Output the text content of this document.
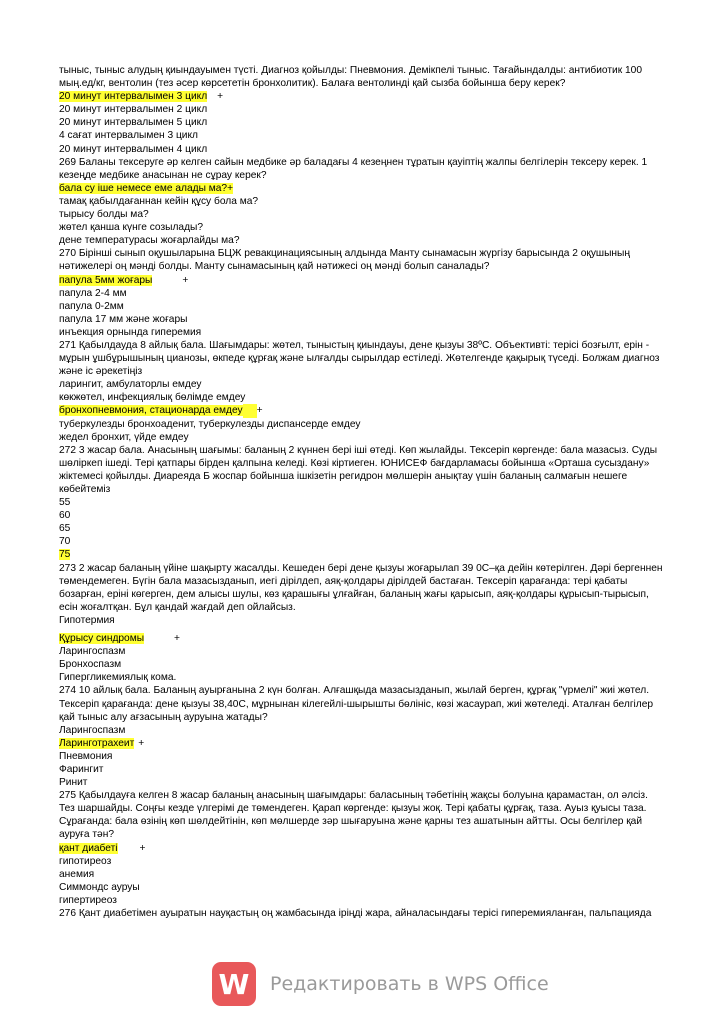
тыныс, тыныс алудың қиындауымен түсті. Диагноз қойылды: Пневмония. Демікпелі тыныс. Тағайындалды: антибиотик 100 мың.ед/кг, вентолин (тез әсер көрсететін бронхолитик). Балаға вентолинді қай сызба бойынша беру керек?

20 минут интервалымен 3 цикл +
20 минут интервалымен 2 цикл
20 минут интервалымен 5 цикл
4 сағат интервалымен 3 цикл
20 минут интервалымен 4 цикл

269 Баланы тексеруге әр келген сайын медбике әр баладағы 4 кезеңнен тұратын қауіптің жалпы белгілерін тексеру керек. 1 кезеңде медбике анасынан не сұрау керек?

бала су ішe немесе еме алады ма?+
тамақ қабылдағаннан кейін құсу бола ма?
тырысу болды ма?
жөтел қанша күнге созылады?
дене температурасы жоғарлайды ма?

270 Бірінші сынып оқушыларына БЦЖ ревакцинациясының алдында Манту сынамасын жүргізу барысында 2 оқушының нәтижелері оң мәнді болды. Манту сынамасының қай нәтижесі оң мәнді болып саналады?

папула 5мм жоғары	+
папула 2-4 мм
папула 0-2мм
папула 17 мм және жоғары
инъекция орнында гиперемия

271 Қабылдауда 8 айлық бала. Шағымдары: жөтел, тыныстың қиындауы, дене қызуы 38ºС. Объективті: терісі бозғылт, ерін - мұрын ұшбұрышының цианозы, өкпеде құрғақ және ылғалды сырылдар естіледі. Жөтелгенде қақырық түседі. Болжам диагноз және іс әрекетіңіз

ларингит, амбулаторлы емдеу
көкжөтел, инфекциялық бөлімде емдеу
бронхопневмония, стационарда емдеу +
туберкулезды бронхоаденит, туберкулезды диспансерде емдеу
жедел бронхит, үйде емдеу

272 3 жасар бала. Анасының шағымы: баланың 2 күннен бері іші өтеді. Көп жылайды. Тексеріп көргенде: бала мазасыз. Суды шөлiркеп ішеді. Тері қатпары бірден қалпына келеді. Көзі кіртиеген. ЮНИСЕФ бағдарламасы бойынша «Орташа сусыздану» жіктемесі қойылды. Диареяда Б жоспар бойынша ішкізетін регидрон мөлшерін анықтау үшін баланың салмағын нешеге көбейтеміз

55
60
65
70
75

273 2 жасар баланың үйіне шақырту жасалды. Кешеден бері дене қызуы жоғарылап 39 0С–қа дейін көтерілген. Дәрі бергеннен төмендемеген. Бүгін бала мазасызданып, иегі дірілдеп, аяқ-қолдары дірілдей бастаған. Тексеріп қарағанда: тері қабаты бозарған, ерiнi көгерген, дем алысы шулы, көз қарашығы ұлғайған, баланың жағы қарысып, аяқ-қолдары құрысып-тырысып, есін жоғалтқан. Бұл қандай жағдай деп ойлайсыз.

Гипотермия
Құрысу синдромы	+
Ларингоспазм
Бронхоспазм
Гипергликемиялық кома.

274 10 айлық бала. Баланың ауырғанына 2 күн болған. Алғашқыда мазасызданып, жылай берген, құрғақ "үрмелі" жиі жөтел. Тексеріп қарағанда: дене қызуы 38,40С, мұрнынан кілегейлі-шырышты бөлініс, көзі жасаурап, жиі жөтеледі. Аталған белгілер қай тыныс алу ағзасының ауруына жатады?

Ларингоспазм
Ларинготрахеит +
Пневмония
Фарингит
Ринит

275 Қабылдауға келген 8 жасар баланың анасының шағымдары: баласының тәбетінің жақсы болуына қарамастан, ол әлсіз. Тез шаршайды. Соңғы кезде үлгерімі де төмендеген. Қарап көргенде: қызуы жоқ. Терi қабаты құрғақ, таза. Ауыз қуысы таза. Сұрағанда: бала өзінің көп шөлдейтінін, көп мөлшерде зәр шығаруына және қарны тез ашатынын айтты. Осы белгілер қай ауруға тән?

қант диабеті +
гипотиреоз
анемия
Симмондс ауруы
гипертиреоз

276 Қант диабетімен ауыратын науқастың оң жамбасында іріңді жара, айналасындағы терісі гиперемияланған, пальпацияда

W	Редактировать в WPS Office
